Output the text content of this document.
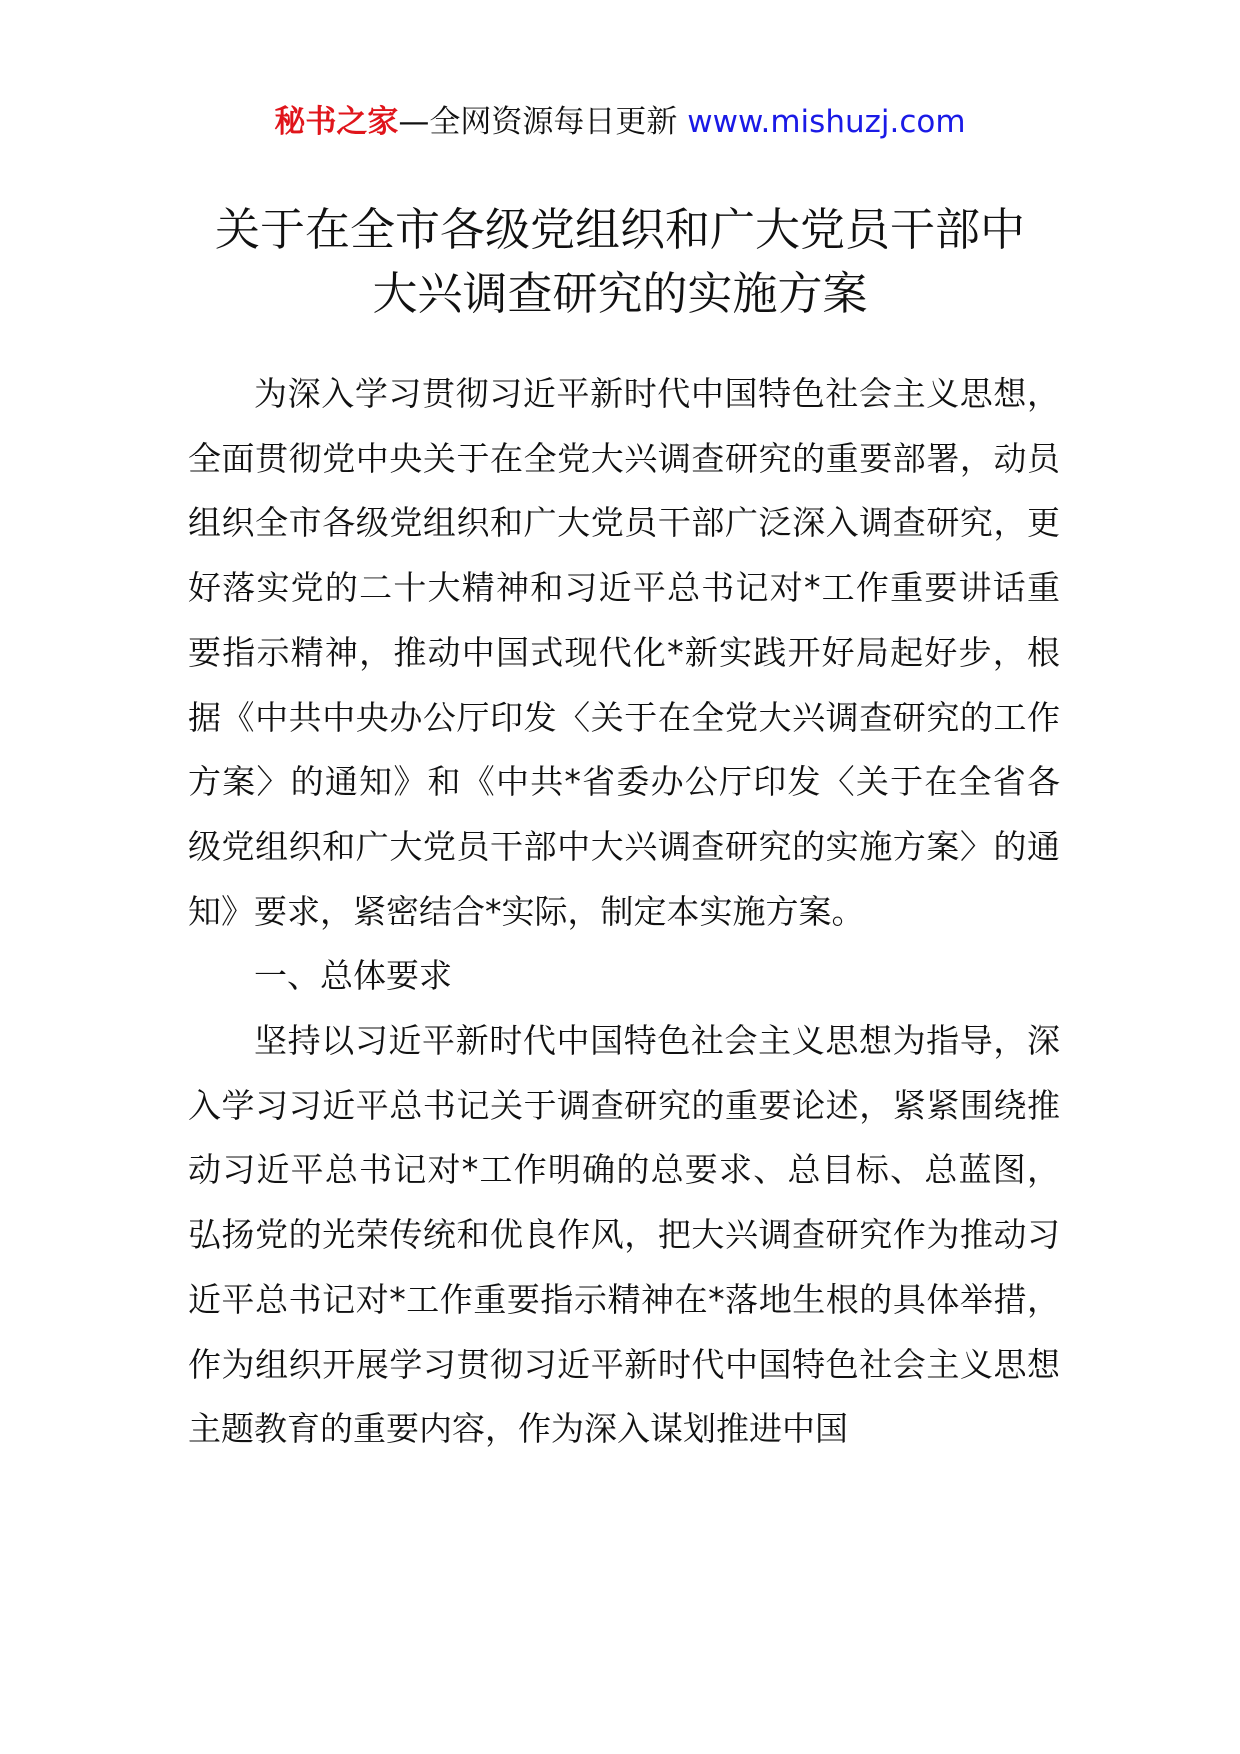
秘书之家—全网资源每日更新 www.mishuzj.com
关于在全市各级党组织和广大党员干部中
大兴调查研究的实施方案

为深入学习贯彻习近平新时代中国特色社会主义思想，全面贯彻党中央关于在全党大兴调查研究的重要部署，动员组织全市各级党组织和广大党员干部广泛深入调查研究，更好落实党的二十大精神和习近平总书记对*工作重要讲话重要指示精神，推动中国式现代化*新实践开好局起好步，根据《中共中央办公厅印发〈关于在全党大兴调查研究的工作方案〉的通知》和《中共*省委办公厅印发〈关于在全省各级党组织和广大党员干部中大兴调查研究的实施方案〉的通知》要求，紧密结合*实际，制定本实施方案。

一、总体要求

坚持以习近平新时代中国特色社会主义思想为指导，深入学习习近平总书记关于调查研究的重要论述，紧紧围绕推动习近平总书记对*工作明确的总要求、总目标、总蓝图，弘扬党的光荣传统和优良作风，把大兴调查研究作为推动习近平总书记对*工作重要指示精神在*落地生根的具体举措，作为组织开展学习贯彻习近平新时代中国特色社会主义思想主题教育的重要内容，作为深入谋划推进中国
